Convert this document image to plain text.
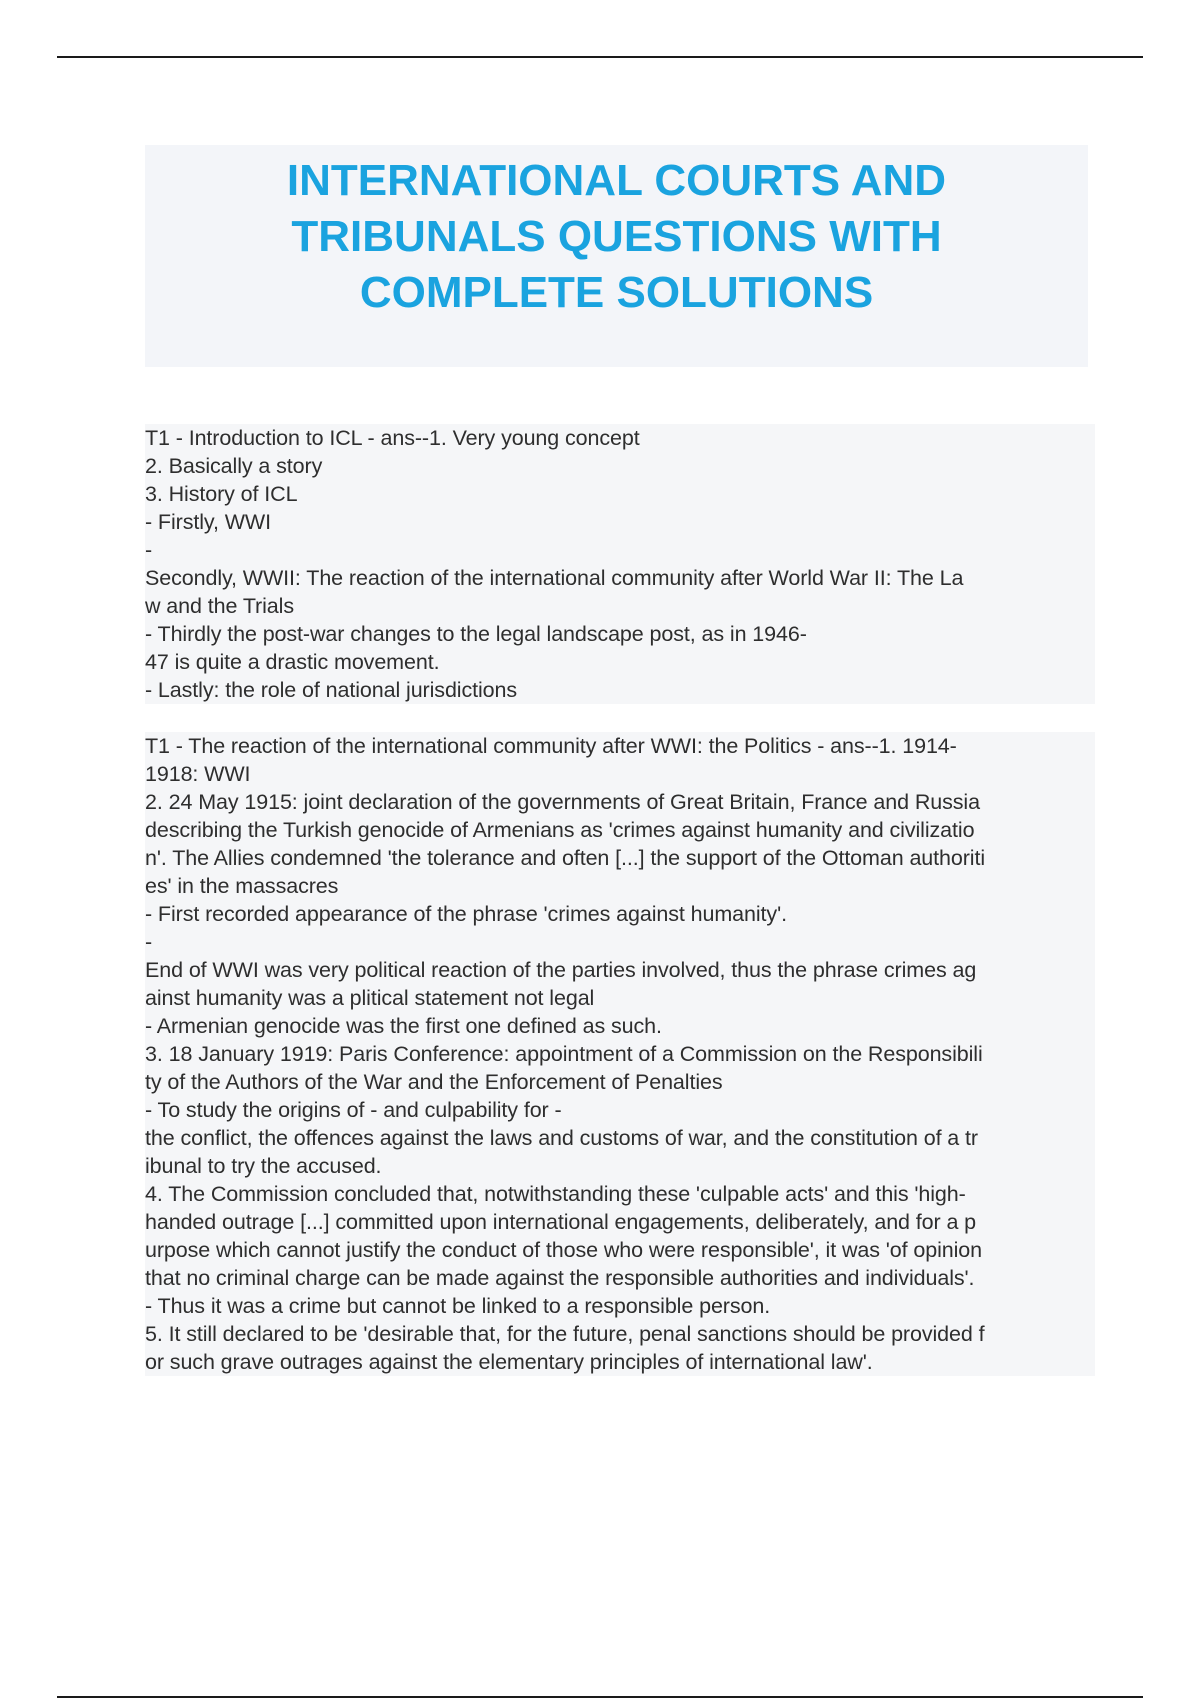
INTERNATIONAL COURTS AND
TRIBUNALS QUESTIONS WITH
COMPLETE SOLUTIONS
T1 - Introduction to ICL - ans--1. Very young concept
2. Basically a story
3. History of ICL
- Firstly, WWI
-
Secondly, WWII: The reaction of the international community after World War II: The La
w and the Trials
- Thirdly the post-war changes to the legal landscape post, as in 1946-
47 is quite a drastic movement.
- Lastly: the role of national jurisdictions
T1 - The reaction of the international community after WWI: the Politics - ans--1. 1914-
1918: WWI
2. 24 May 1915: joint declaration of the governments of Great Britain, France and Russia
describing the Turkish genocide of Armenians as 'crimes against humanity and civilizatio
n'. The Allies condemned 'the tolerance and often [...] the support of the Ottoman authoriti
es' in the massacres
- First recorded appearance of the phrase 'crimes against humanity'.
-
End of WWI was very political reaction of the parties involved, thus the phrase crimes ag
ainst humanity was a plitical statement not legal
- Armenian genocide was the first one defined as such.
3. 18 January 1919: Paris Conference: appointment of a Commission on the Responsibili
ty of the Authors of the War and the Enforcement of Penalties
- To study the origins of - and culpability for -
the conflict, the offences against the laws and customs of war, and the constitution of a tr
ibunal to try the accused.
4. The Commission concluded that, notwithstanding these 'culpable acts' and this 'high-
handed outrage [...] committed upon international engagements, deliberately, and for a p
urpose which cannot justify the conduct of those who were responsible', it was 'of opinion
that no criminal charge can be made against the responsible authorities and individuals'.
- Thus it was a crime but cannot be linked to a responsible person.
5. It still declared to be 'desirable that, for the future, penal sanctions should be provided f
or such grave outrages against the elementary principles of international law'.
